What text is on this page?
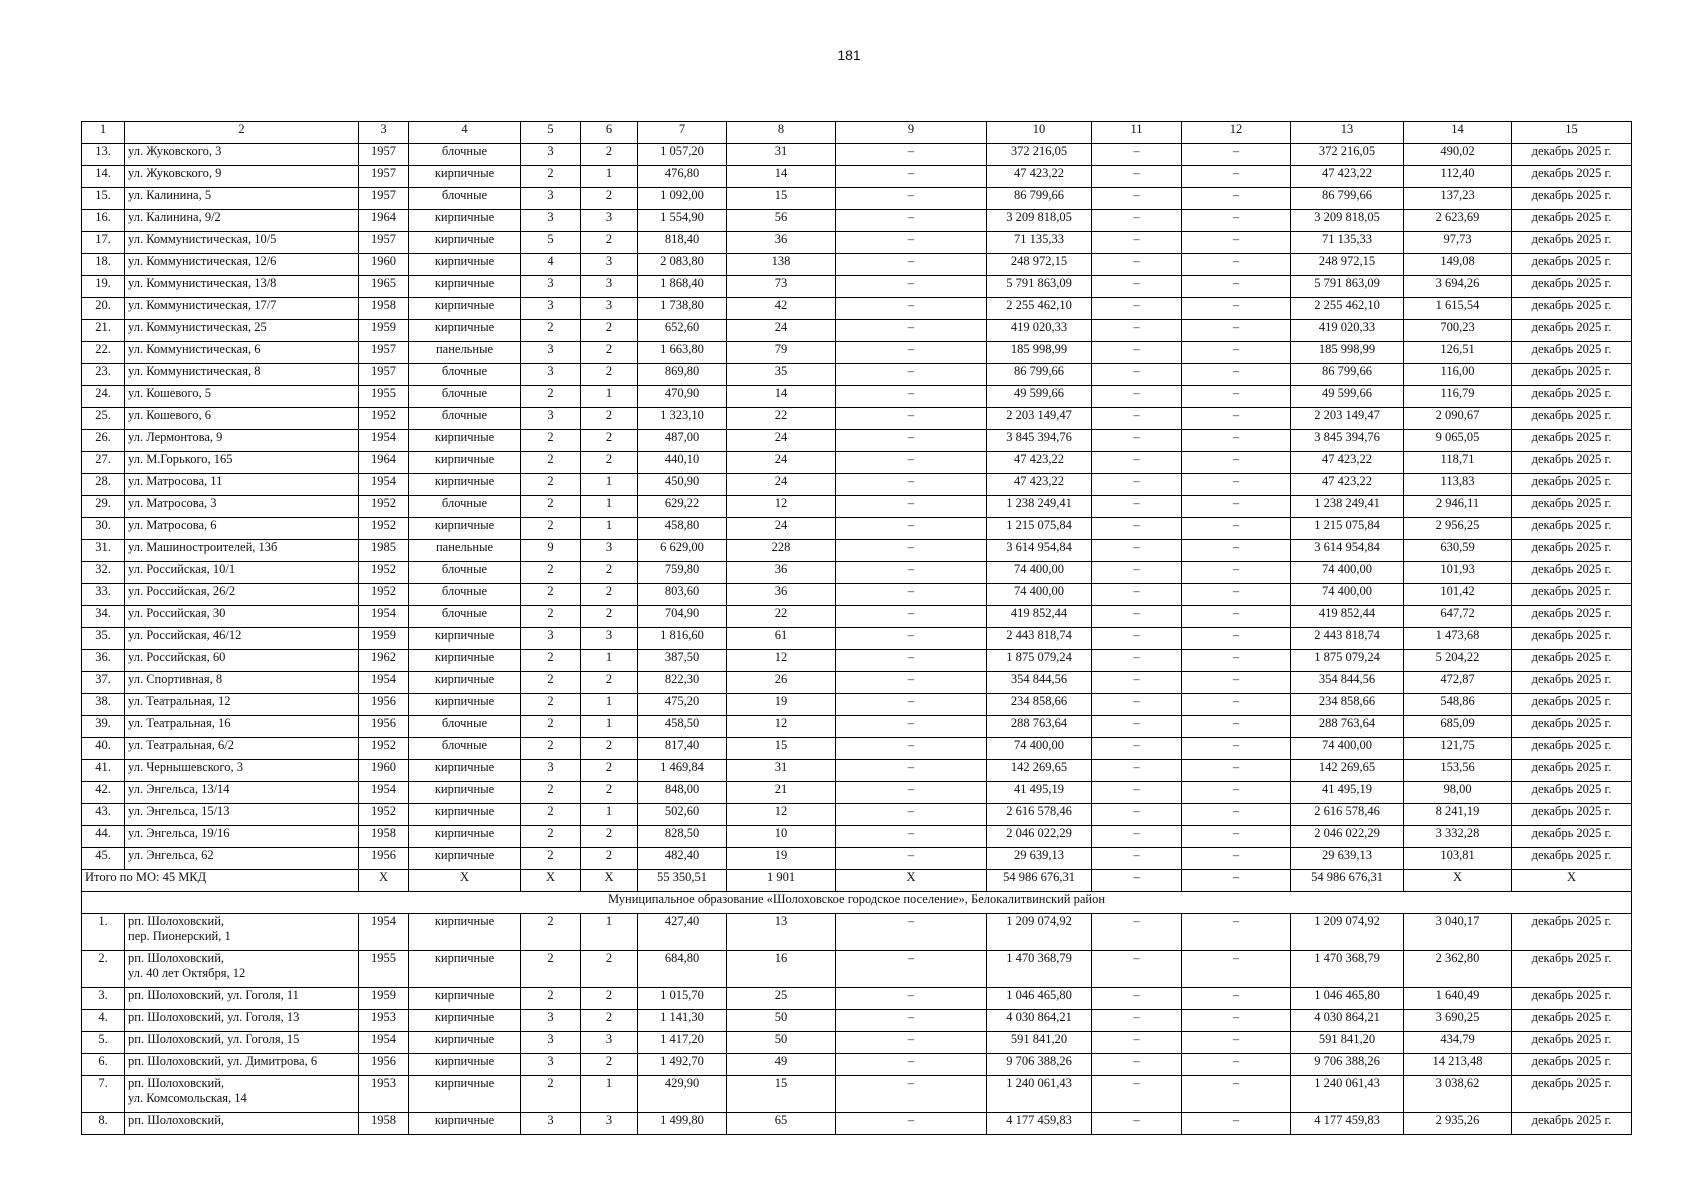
181
1	2	3	4	5	6	7	8	9	10	11	12	13	14	15
13.	ул. Жуковского, 3	1957	блочные	3	2	1 057,20	31	–	372 216,05	–	–	372 216,05	490,02	декабрь 2025 г.
14.	ул. Жуковского, 9	1957	кирпичные	2	1	476,80	14	–	47 423,22	–	–	47 423,22	112,40	декабрь 2025 г.
15.	ул. Калинина, 5	1957	блочные	3	2	1 092,00	15	–	86 799,66	–	–	86 799,66	137,23	декабрь 2025 г.
16.	ул. Калинина, 9/2	1964	кирпичные	3	3	1 554,90	56	–	3 209 818,05	–	–	3 209 818,05	2 623,69	декабрь 2025 г.
17.	ул. Коммунистическая, 10/5	1957	кирпичные	5	2	818,40	36	–	71 135,33	–	–	71 135,33	97,73	декабрь 2025 г.
18.	ул. Коммунистическая, 12/6	1960	кирпичные	4	3	2 083,80	138	–	248 972,15	–	–	248 972,15	149,08	декабрь 2025 г.
19.	ул. Коммунистическая, 13/8	1965	кирпичные	3	3	1 868,40	73	–	5 791 863,09	–	–	5 791 863,09	3 694,26	декабрь 2025 г.
20.	ул. Коммунистическая, 17/7	1958	кирпичные	3	3	1 738,80	42	–	2 255 462,10	–	–	2 255 462,10	1 615,54	декабрь 2025 г.
21.	ул. Коммунистическая, 25	1959	кирпичные	2	2	652,60	24	–	419 020,33	–	–	419 020,33	700,23	декабрь 2025 г.
22.	ул. Коммунистическая, 6	1957	панельные	3	2	1 663,80	79	–	185 998,99	–	–	185 998,99	126,51	декабрь 2025 г.
23.	ул. Коммунистическая, 8	1957	блочные	3	2	869,80	35	–	86 799,66	–	–	86 799,66	116,00	декабрь 2025 г.
24.	ул. Кошевого, 5	1955	блочные	2	1	470,90	14	–	49 599,66	–	–	49 599,66	116,79	декабрь 2025 г.
25.	ул. Кошевого, 6	1952	блочные	3	2	1 323,10	22	–	2 203 149,47	–	–	2 203 149,47	2 090,67	декабрь 2025 г.
26.	ул. Лермонтова, 9	1954	кирпичные	2	2	487,00	24	–	3 845 394,76	–	–	3 845 394,76	9 065,05	декабрь 2025 г.
27.	ул. М.Горького, 165	1964	кирпичные	2	2	440,10	24	–	47 423,22	–	–	47 423,22	118,71	декабрь 2025 г.
28.	ул. Матросова, 11	1954	кирпичные	2	1	450,90	24	–	47 423,22	–	–	47 423,22	113,83	декабрь 2025 г.
29.	ул. Матросова, 3	1952	блочные	2	1	629,22	12	–	1 238 249,41	–	–	1 238 249,41	2 946,11	декабрь 2025 г.
30.	ул. Матросова, 6	1952	кирпичные	2	1	458,80	24	–	1 215 075,84	–	–	1 215 075,84	2 956,25	декабрь 2025 г.
31.	ул. Машиностроителей, 13б	1985	панельные	9	3	6 629,00	228	–	3 614 954,84	–	–	3 614 954,84	630,59	декабрь 2025 г.
32.	ул. Российская, 10/1	1952	блочные	2	2	759,80	36	–	74 400,00	–	–	74 400,00	101,93	декабрь 2025 г.
33.	ул. Российская, 26/2	1952	блочные	2	2	803,60	36	–	74 400,00	–	–	74 400,00	101,42	декабрь 2025 г.
34.	ул. Российская, 30	1954	блочные	2	2	704,90	22	–	419 852,44	–	–	419 852,44	647,72	декабрь 2025 г.
35.	ул. Российская, 46/12	1959	кирпичные	3	3	1 816,60	61	–	2 443 818,74	–	–	2 443 818,74	1 473,68	декабрь 2025 г.
36.	ул. Российская, 60	1962	кирпичные	2	1	387,50	12	–	1 875 079,24	–	–	1 875 079,24	5 204,22	декабрь 2025 г.
37.	ул. Спортивная, 8	1954	кирпичные	2	2	822,30	26	–	354 844,56	–	–	354 844,56	472,87	декабрь 2025 г.
38.	ул. Театральная, 12	1956	кирпичные	2	1	475,20	19	–	234 858,66	–	–	234 858,66	548,86	декабрь 2025 г.
39.	ул. Театральная, 16	1956	блочные	2	1	458,50	12	–	288 763,64	–	–	288 763,64	685,09	декабрь 2025 г.
40.	ул. Театральная, 6/2	1952	блочные	2	2	817,40	15	–	74 400,00	–	–	74 400,00	121,75	декабрь 2025 г.
41.	ул. Чернышевского, 3	1960	кирпичные	3	2	1 469,84	31	–	142 269,65	–	–	142 269,65	153,56	декабрь 2025 г.
42.	ул. Энгельса, 13/14	1954	кирпичные	2	2	848,00	21	–	41 495,19	–	–	41 495,19	98,00	декабрь 2025 г.
43.	ул. Энгельса, 15/13	1952	кирпичные	2	1	502,60	12	–	2 616 578,46	–	–	2 616 578,46	8 241,19	декабрь 2025 г.
44.	ул. Энгельса, 19/16	1958	кирпичные	2	2	828,50	10	–	2 046 022,29	–	–	2 046 022,29	3 332,28	декабрь 2025 г.
45.	ул. Энгельса, 62	1956	кирпичные	2	2	482,40	19	–	29 639,13	–	–	29 639,13	103,81	декабрь 2025 г.
Итого по МО: 45 МКД		X	X	X	X	55 350,51	1 901	X	54 986 676,31	–	–	54 986 676,31	X	X
Муниципальное образование «Шолоховское городское поселение», Белокалитвинский район														
1.	рп. Шолоховский,
пер. Пионерский, 1	1954	кирпичные	2	1	427,40	13	–	1 209 074,92	–	–	1 209 074,92	3 040,17	декабрь 2025 г.
2.	рп. Шолоховский,
ул. 40 лет Октября, 12	1955	кирпичные	2	2	684,80	16	–	1 470 368,79	–	–	1 470 368,79	2 362,80	декабрь 2025 г.
3.	рп. Шолоховский, ул. Гоголя, 11	1959	кирпичные	2	2	1 015,70	25	–	1 046 465,80	–	–	1 046 465,80	1 640,49	декабрь 2025 г.
4.	рп. Шолоховский, ул. Гоголя, 13	1953	кирпичные	3	2	1 141,30	50	–	4 030 864,21	–	–	4 030 864,21	3 690,25	декабрь 2025 г.
5.	рп. Шолоховский, ул. Гоголя, 15	1954	кирпичные	3	3	1 417,20	50	–	591 841,20	–	–	591 841,20	434,79	декабрь 2025 г.
6.	рп. Шолоховский, ул. Димитрова, 6	1956	кирпичные	3	2	1 492,70	49	–	9 706 388,26	–	–	9 706 388,26	14 213,48	декабрь 2025 г.
7.	рп. Шолоховский,
ул. Комсомольская, 14	1953	кирпичные	2	1	429,90	15	–	1 240 061,43	–	–	1 240 061,43	3 038,62	декабрь 2025 г.
8.	рп. Шолоховский,	1958	кирпичные	3	3	1 499,80	65	–	4 177 459,83	–	–	4 177 459,83	2 935,26	декабрь 2025 г.
